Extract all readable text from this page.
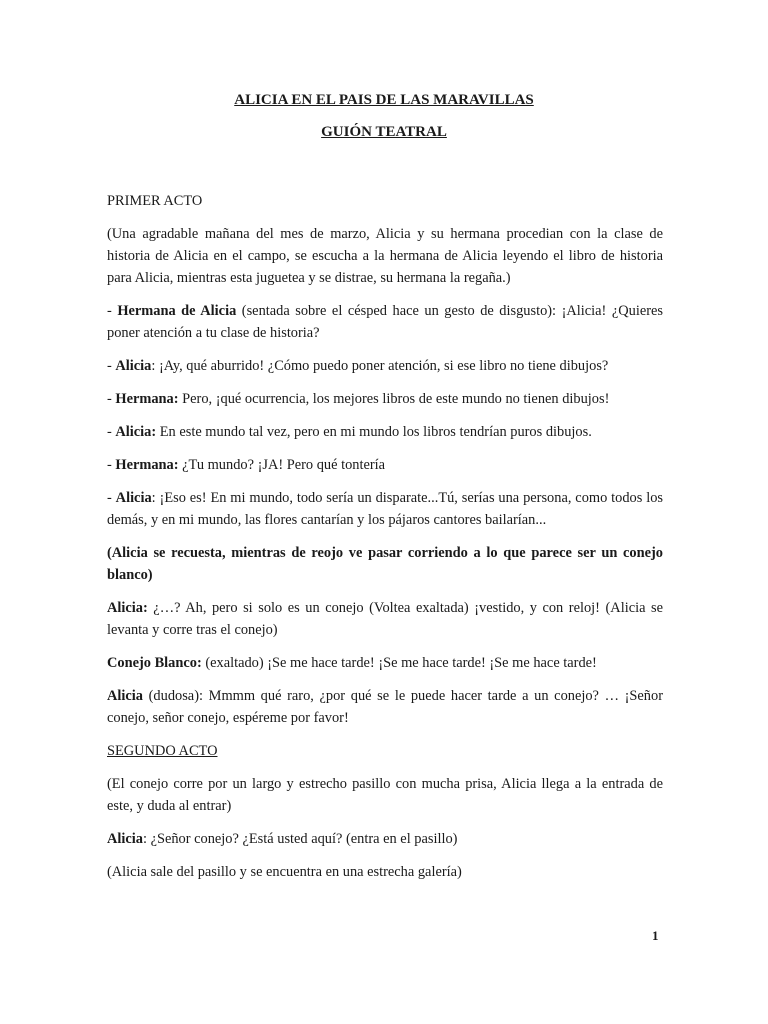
ALICIA EN EL PAIS DE LAS MARAVILLAS
GUIÓN TEATRAL

PRIMER ACTO

(Una agradable mañana del mes de marzo, Alicia y su hermana procedian con la clase de historia de Alicia en el campo, se escucha a la hermana de Alicia leyendo el libro de historia para Alicia, mientras esta juguetea y se distrae, su hermana la regaña.)

- Hermana de Alicia (sentada sobre el césped hace un gesto de disgusto): ¡Alicia! ¿Quieres poner atención a tu clase de historia?

- Alicia: ¡Ay, qué aburrido! ¿Cómo puedo poner atención, si ese libro no tiene dibujos?

- Hermana: Pero, ¡qué ocurrencia, los mejores libros de este mundo no tienen dibujos!

- Alicia: En este mundo tal vez, pero en mi mundo los libros tendrían puros dibujos.

- Hermana: ¿Tu mundo? ¡JA! Pero qué tontería

- Alicia: ¡Eso es! En mi mundo, todo sería un disparate...Tú, serías una persona, como todos los demás, y en mi mundo, las flores cantarían y los pájaros cantores bailarían...

(Alicia se recuesta, mientras de reojo ve pasar corriendo a lo que parece ser un conejo blanco)

Alicia: ¿…? Ah, pero si solo es un conejo (Voltea exaltada) ¡vestido, y con reloj! (Alicia se levanta y corre tras el conejo)

Conejo Blanco: (exaltado) ¡Se me hace tarde! ¡Se me hace tarde! ¡Se me hace tarde!

Alicia (dudosa): Mmmm qué raro, ¿por qué se le puede hacer tarde a un conejo? … ¡Señor conejo, señor conejo, espéreme por favor!

SEGUNDO ACTO

(El conejo corre por un largo y estrecho pasillo con mucha prisa, Alicia llega a la entrada de este, y duda al entrar)

Alicia: ¿Señor conejo? ¿Está usted aquí? (entra en el pasillo)

(Alicia sale del pasillo y se encuentra en una estrecha galería)

1
